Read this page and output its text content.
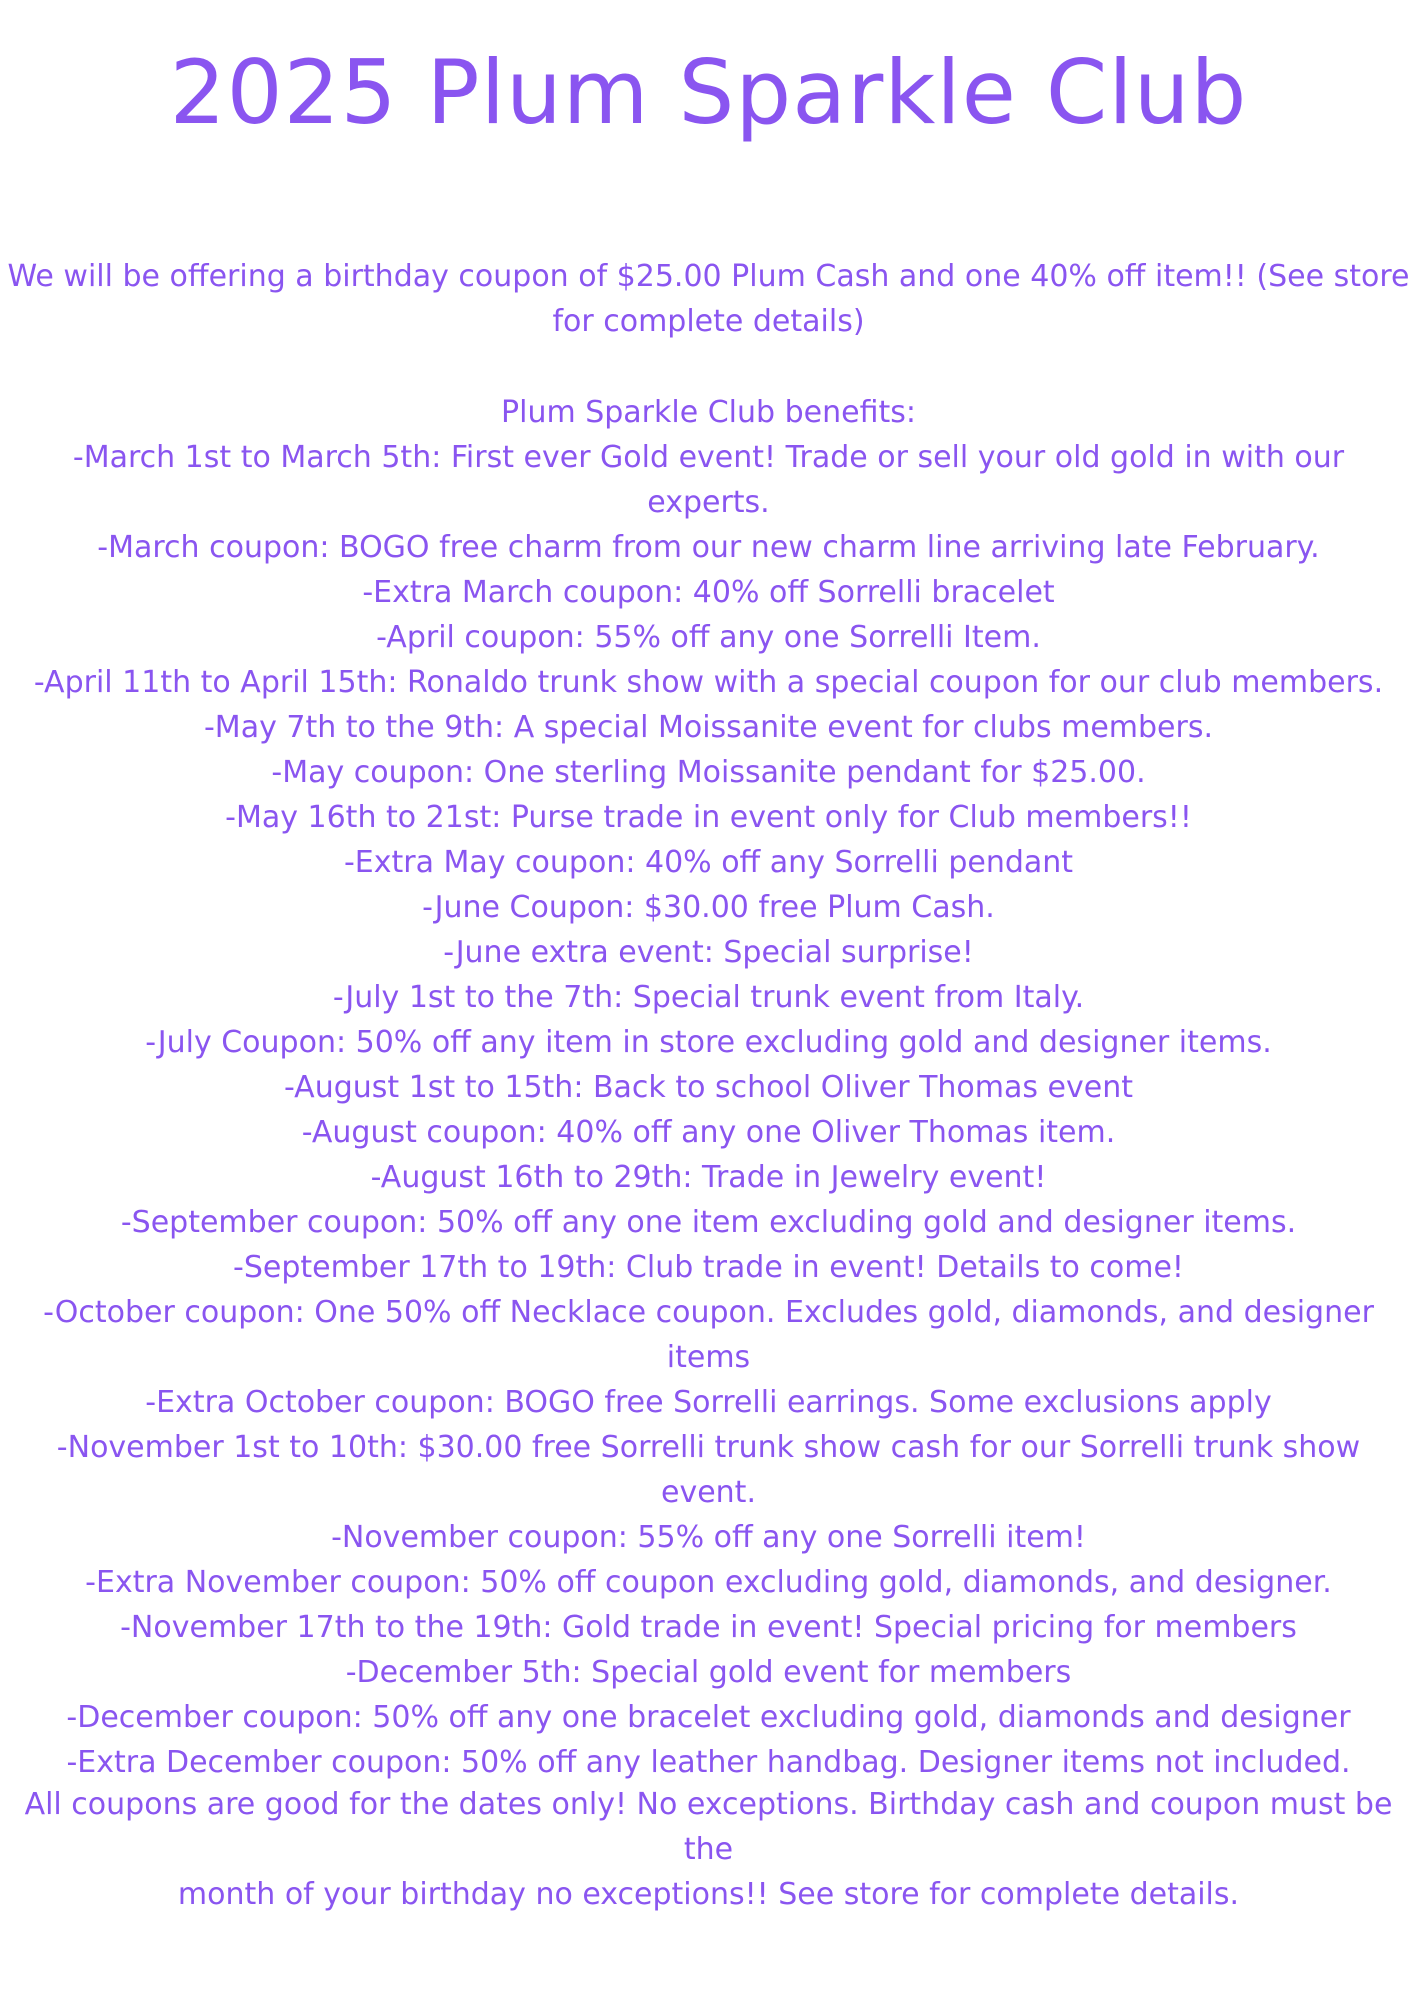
2025 Plum Sparkle Club

We will be offering a birthday coupon of $25.00 Plum Cash and one 40% off item!! (See store

for complete details)

Plum Sparkle Club benefits:

-March 1st to March 5th: First ever Gold event! Trade or sell your old gold in with our
experts.
-March coupon: BOGO free charm from our new charm line arriving late February.
-Extra March coupon: 40% off Sorrelli bracelet
-April coupon: 55% off any one Sorrelli Item.
-April 11th to April 15th: Ronaldo trunk show with a special coupon for our club members.
-May 7th to the 9th: A special Moissanite event for clubs members.
-May coupon: One sterling Moissanite pendant for $25.00.
-May 16th to 21st: Purse trade in event only for Club members!!
-Extra May coupon: 40% off any Sorrelli pendant
-June Coupon: $30.00 free Plum Cash.
-June extra event: Special surprise!
-July 1st to the 7th: Special trunk event from Italy.
-July Coupon: 50% off any item in store excluding gold and designer items.
-August 1st to 15th: Back to school Oliver Thomas event
-August coupon: 40% off any one Oliver Thomas item.
-August 16th to 29th: Trade in Jewelry event!
-September coupon: 50% off any one item excluding gold and designer items.
-September 17th to 19th: Club trade in event! Details to come!
-October coupon: One 50% off Necklace coupon. Excludes gold, diamonds, and designer items
-Extra October coupon: BOGO free Sorrelli earrings. Some exclusions apply
-November 1st to 10th: $30.00 free Sorrelli trunk show cash for our Sorrelli trunk show
event.
-November coupon: 55% off any one Sorrelli item!
-Extra November coupon: 50% off coupon excluding gold, diamonds, and designer.
-November 17th to the 19th: Gold trade in event! Special pricing for members
-December 5th: Special gold event for members
-December coupon: 50% off any one bracelet excluding gold, diamonds and designer
-Extra December coupon: 50% off any leather handbag. Designer items not included.

All coupons are good for the dates only! No exceptions. Birthday cash and coupon must be the

month of your birthday no exceptions!! See store for complete details.
